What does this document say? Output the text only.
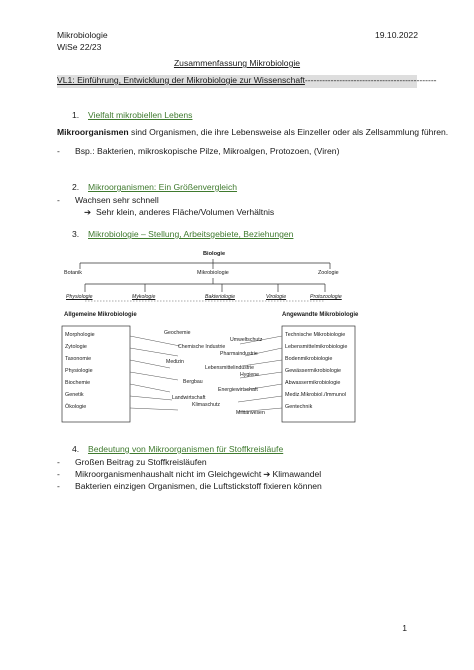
Mikrobiologie
WiSe 22/23
19.10.2022
Zusammenfassung Mikrobiologie
VL1: Einführung, Entwicklung der Mikrobiologie zur Wissenschaft----------------------------------------------
1. Vielfalt mikrobiellen Lebens
Mikroorganismen sind Organismen, die ihre Lebensweise als Einzeller oder als Zellsammlung führen.
- Bsp.: Bakterien, mikroskopische Pilze, Mikroalgen, Protozoen, (Viren)
2. Mikroorganismen: Ein Größenvergleich
- Wachsen sehr schnell
➔ Sehr klein, anderes Fläche/Volumen Verhältnis
3. Mikrobiologie – Stellung, Arbeitsgebiete, Beziehungen
Biologie
Botanik	Mikrobiologie	Zoologie
Physiologie	Mykologie	Bakteriologie	Virologie	Protozoologie
Allgemeine Mikrobiologie	Angewandte Mikrobiologie
Morphologie
Zytologie
Taxonomie
Physiologie
Biochemie
Genetik
Ökologie
Technische Mikrobiologie
Lebensmittelmikrobiologie
Bodenmikrobiologie
Gewässermikrobiologie
Abwassermikrobiologie
Mediz.Mikrobiol./Immunol
Gentechnik
Geochemie
Umweltschutz
Chemische Industrie
Pharmaindustrie
Medizin
Lebensmittelindustrie
Hygiene
Bergbau
Energiewirtschaft
Landwirtschaft
Klimaschutz
Militärwesen
4. Bedeutung von Mikroorganismen für Stoffkreisläufe
- Großen Beitrag zu Stoffkreisläufen
- Mikroorganismenhaushalt nicht im Gleichgewicht ➔ Klimawandel
- Bakterien einzigen Organismen, die Luftstickstoff fixieren können
1
